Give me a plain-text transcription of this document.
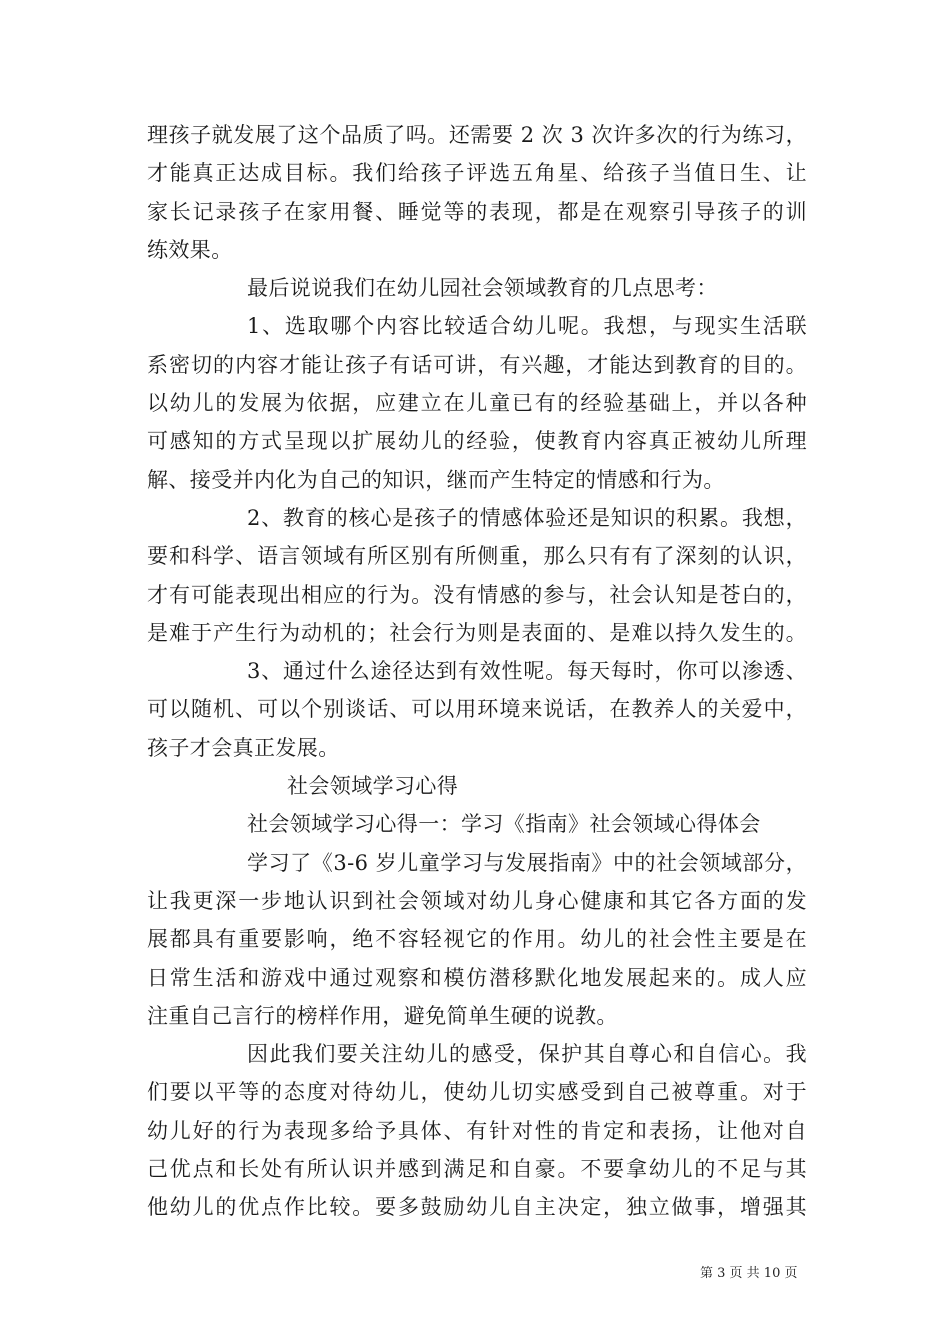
理孩子就发展了这个品质了吗。还需要 2 次 3 次许多次的行为练习，
才能真正达成目标。我们给孩子评选五角星、给孩子当值日生、让
家长记录孩子在家用餐、睡觉等的表现，都是在观察引导孩子的训
练效果。
最后说说我们在幼儿园社会领域教育的几点思考：
1、选取哪个内容比较适合幼儿呢。我想，与现实生活联
系密切的内容才能让孩子有话可讲，有兴趣，才能达到教育的目的。
以幼儿的发展为依据，应建立在儿童已有的经验基础上，并以各种
可感知的方式呈现以扩展幼儿的经验，使教育内容真正被幼儿所理
解、接受并内化为自己的知识，继而产生特定的情感和行为。
2、教育的核心是孩子的情感体验还是知识的积累。我想，
要和科学、语言领域有所区别有所侧重，那么只有有了深刻的认识，
才有可能表现出相应的行为。没有情感的参与，社会认知是苍白的，
是难于产生行为动机的；社会行为则是表面的、是难以持久发生的。
3、通过什么途径达到有效性呢。每天每时，你可以渗透、
可以随机、可以个别谈话、可以用环境来说话，在教养人的关爱中，
孩子才会真正发展。
社会领域学习心得
社会领域学习心得一：学习《指南》社会领域心得体会
学习了《3-6 岁儿童学习与发展指南》中的社会领域部分，
让我更深一步地认识到社会领域对幼儿身心健康和其它各方面的发
展都具有重要影响，绝不容轻视它的作用。幼儿的社会性主要是在
日常生活和游戏中通过观察和模仿潜移默化地发展起来的。成人应
注重自己言行的榜样作用，避免简单生硬的说教。
因此我们要关注幼儿的感受，保护其自尊心和自信心。我
们要以平等的态度对待幼儿，使幼儿切实感受到自己被尊重。对于
幼儿好的行为表现多给予具体、有针对性的肯定和表扬，让他对自
己优点和长处有所认识并感到满足和自豪。不要拿幼儿的不足与其
他幼儿的优点作比较。要多鼓励幼儿自主决定，独立做事，增强其
第 3 页 共 10 页
